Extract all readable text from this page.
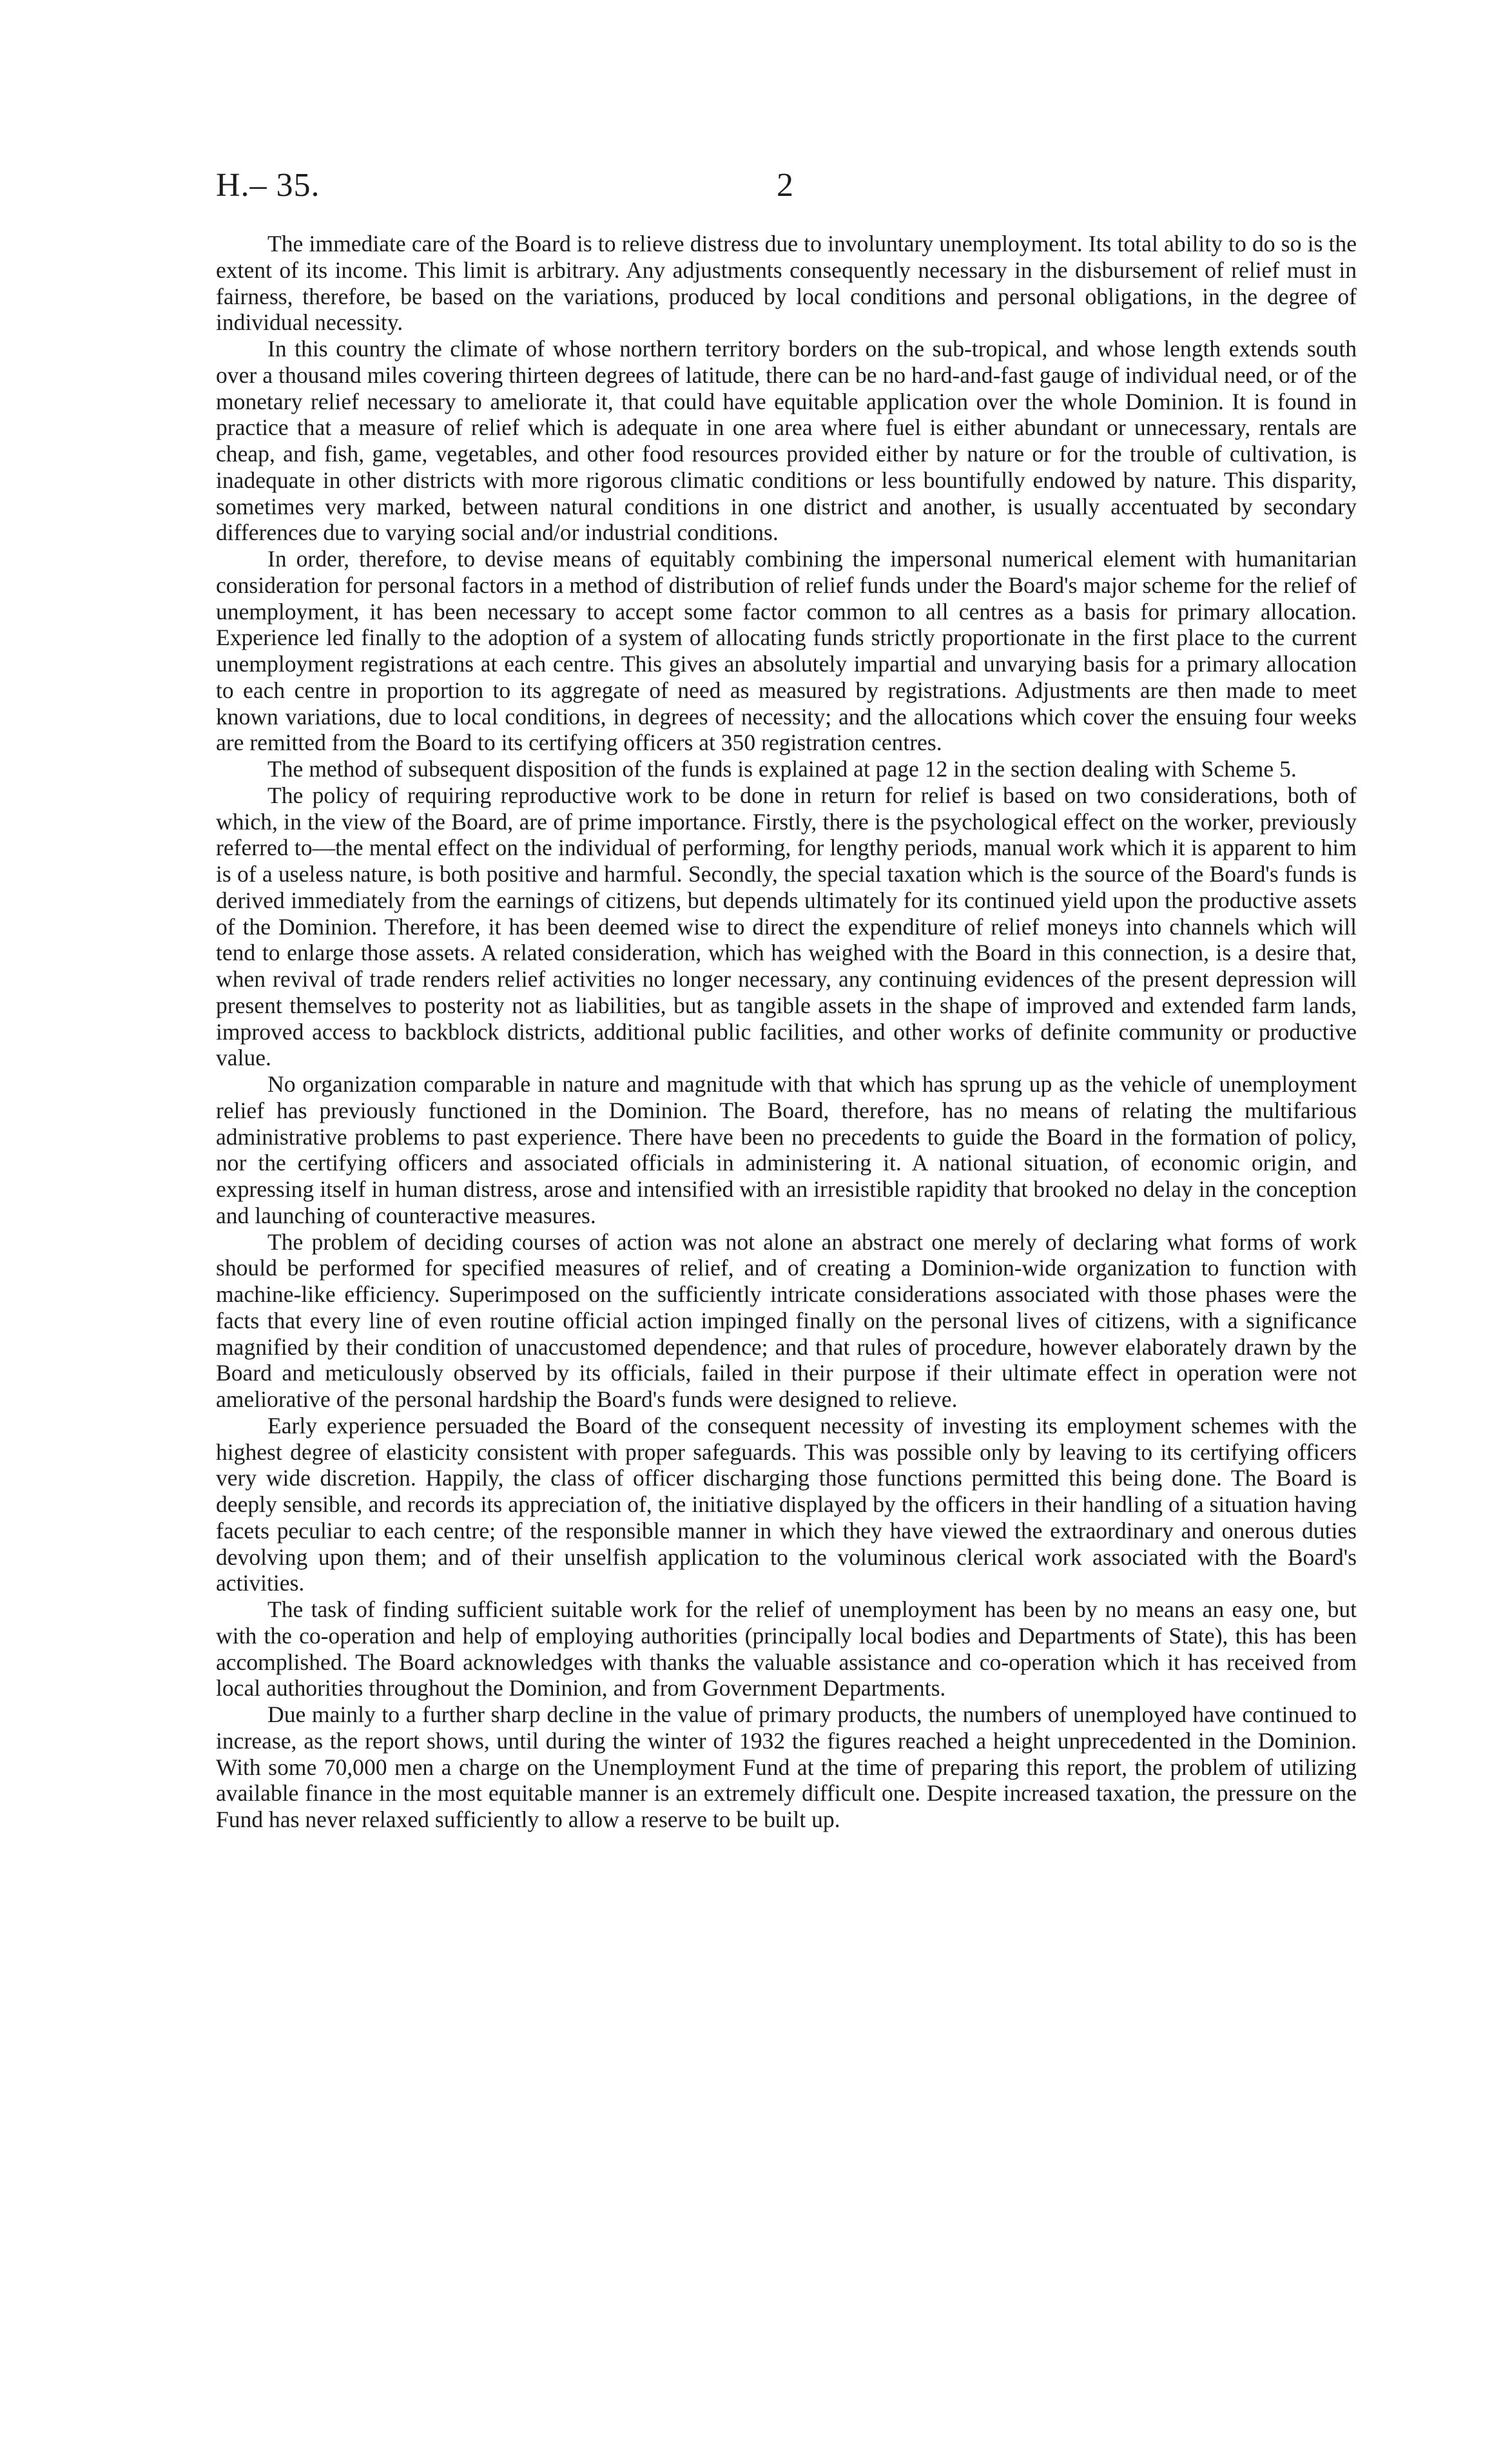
H.– 35.	2

The immediate care of the Board is to relieve distress due to involuntary unemployment. Its total ability to do so is the extent of its income. This limit is arbitrary. Any adjustments consequently necessary in the disbursement of relief must in fairness, therefore, be based on the variations, produced by local conditions and personal obligations, in the degree of individual necessity.

In this country the climate of whose northern territory borders on the sub-tropical, and whose length extends south over a thousand miles covering thirteen degrees of latitude, there can be no hard-and-fast gauge of individual need, or of the monetary relief necessary to ameliorate it, that could have equitable application over the whole Dominion. It is found in practice that a measure of relief which is adequate in one area where fuel is either abundant or unnecessary, rentals are cheap, and fish, game, vegetables, and other food resources provided either by nature or for the trouble of cultivation, is inadequate in other districts with more rigorous climatic conditions or less bountifully endowed by nature. This disparity, sometimes very marked, between natural conditions in one district and another, is usually accentuated by secondary differences due to varying social and/or industrial conditions.

In order, therefore, to devise means of equitably combining the impersonal numerical element with humanitarian consideration for personal factors in a method of distribution of relief funds under the Board's major scheme for the relief of unemployment, it has been necessary to accept some factor common to all centres as a basis for primary allocation. Experience led finally to the adoption of a system of allocating funds strictly proportionate in the first place to the current unemployment registrations at each centre. This gives an absolutely impartial and unvarying basis for a primary allocation to each centre in proportion to its aggregate of need as measured by registrations. Adjustments are then made to meet known variations, due to local conditions, in degrees of necessity; and the allocations which cover the ensuing four weeks are remitted from the Board to its certifying officers at 350 registration centres.

The method of subsequent disposition of the funds is explained at page 12 in the section dealing with Scheme 5.

The policy of requiring reproductive work to be done in return for relief is based on two considerations, both of which, in the view of the Board, are of prime importance. Firstly, there is the psychological effect on the worker, previously referred to—the mental effect on the individual of performing, for lengthy periods, manual work which it is apparent to him is of a useless nature, is both positive and harmful. Secondly, the special taxation which is the source of the Board's funds is derived immediately from the earnings of citizens, but depends ultimately for its continued yield upon the productive assets of the Dominion. Therefore, it has been deemed wise to direct the expenditure of relief moneys into channels which will tend to enlarge those assets. A related consideration, which has weighed with the Board in this connection, is a desire that, when revival of trade renders relief activities no longer necessary, any continuing evidences of the present depression will present themselves to posterity not as liabilities, but as tangible assets in the shape of improved and extended farm lands, improved access to backblock districts, additional public facilities, and other works of definite community or productive value.

No organization comparable in nature and magnitude with that which has sprung up as the vehicle of unemployment relief has previously functioned in the Dominion. The Board, therefore, has no means of relating the multifarious administrative problems to past experience. There have been no precedents to guide the Board in the formation of policy, nor the certifying officers and associated officials in administering it. A national situation, of economic origin, and expressing itself in human distress, arose and intensified with an irresistible rapidity that brooked no delay in the conception and launching of counteractive measures.

The problem of deciding courses of action was not alone an abstract one merely of declaring what forms of work should be performed for specified measures of relief, and of creating a Dominion-wide organization to function with machine-like efficiency. Superimposed on the sufficiently intricate considerations associated with those phases were the facts that every line of even routine official action impinged finally on the personal lives of citizens, with a significance magnified by their condition of unaccustomed dependence; and that rules of procedure, however elaborately drawn by the Board and meticulously observed by its officials, failed in their purpose if their ultimate effect in operation were not ameliorative of the personal hardship the Board's funds were designed to relieve.

Early experience persuaded the Board of the consequent necessity of investing its employment schemes with the highest degree of elasticity consistent with proper safeguards. This was possible only by leaving to its certifying officers very wide discretion. Happily, the class of officer discharging those functions permitted this being done. The Board is deeply sensible, and records its appreciation of, the initiative displayed by the officers in their handling of a situation having facets peculiar to each centre; of the responsible manner in which they have viewed the extraordinary and onerous duties devolving upon them; and of their unselfish application to the voluminous clerical work associated with the Board's activities.

The task of finding sufficient suitable work for the relief of unemployment has been by no means an easy one, but with the co-operation and help of employing authorities (principally local bodies and Departments of State), this has been accomplished. The Board acknowledges with thanks the valuable assistance and co-operation which it has received from local authorities throughout the Dominion, and from Government Departments.

Due mainly to a further sharp decline in the value of primary products, the numbers of unemployed have continued to increase, as the report shows, until during the winter of 1932 the figures reached a height unprecedented in the Dominion. With some 70,000 men a charge on the Unemployment Fund at the time of preparing this report, the problem of utilizing available finance in the most equitable manner is an extremely difficult one. Despite increased taxation, the pressure on the Fund has never relaxed sufficiently to allow a reserve to be built up.
